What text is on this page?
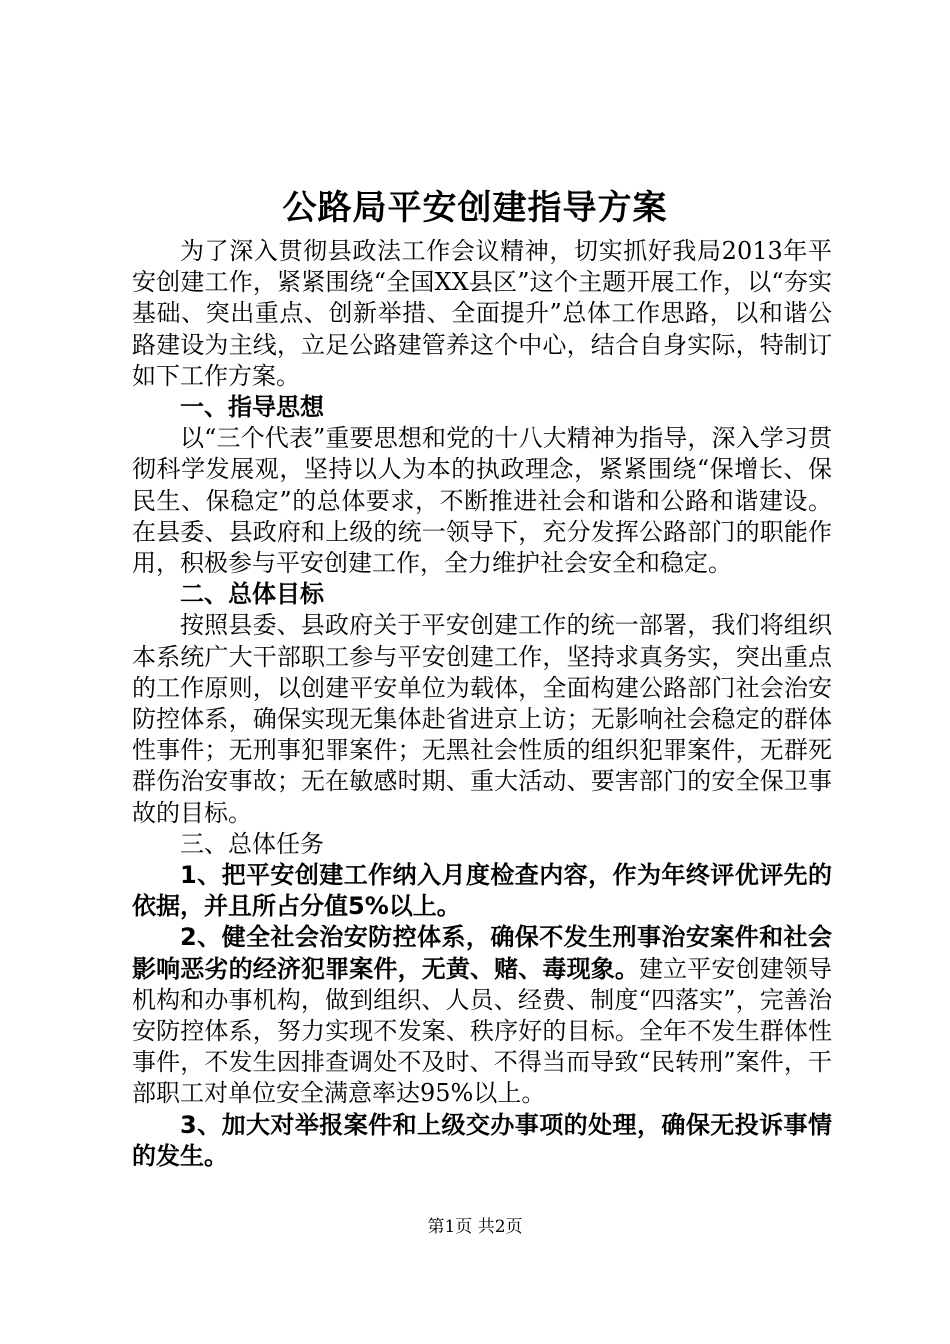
公路局平安创建指导方案

为了深入贯彻县政法工作会议精神，切实抓好我局2013年平安创建工作，紧紧围绕“全国XX县区”这个主题开展工作，以“夯实基础、突出重点、创新举措、全面提升”总体工作思路，以和谐公路建设为主线，立足公路建管养这个中心，结合自身实际，特制订如下工作方案。

一、指导思想

以“三个代表”重要思想和党的十八大精神为指导，深入学习贯彻科学发展观，坚持以人为本的执政理念，紧紧围绕“保增长、保民生、保稳定”的总体要求，不断推进社会和谐和公路和谐建设。在县委、县政府和上级的统一领导下，充分发挥公路部门的职能作用，积极参与平安创建工作，全力维护社会安全和稳定。

二、总体目标

按照县委、县政府关于平安创建工作的统一部署，我们将组织本系统广大干部职工参与平安创建工作，坚持求真务实，突出重点的工作原则，以创建平安单位为载体，全面构建公路部门社会治安防控体系，确保实现无集体赴省进京上访；无影响社会稳定的群体性事件；无刑事犯罪案件；无黑社会性质的组织犯罪案件，无群死群伤治安事故；无在敏感时期、重大活动、要害部门的安全保卫事故的目标。

三、总体任务

1、把平安创建工作纳入月度检查内容，作为年终评优评先的依据，并且所占分值5%以上。

2、健全社会治安防控体系，确保不发生刑事治安案件和社会影响恶劣的经济犯罪案件，无黄、赌、毒现象。建立平安创建领导机构和办事机构，做到组织、人员、经费、制度“四落实”，完善治安防控体系，努力实现不发案、秩序好的目标。全年不发生群体性事件，不发生因排查调处不及时、不得当而导致“民转刑”案件，干部职工对单位安全满意率达95%以上。

3、加大对举报案件和上级交办事项的处理，确保无投诉事情的发生。

第1页 共2页
